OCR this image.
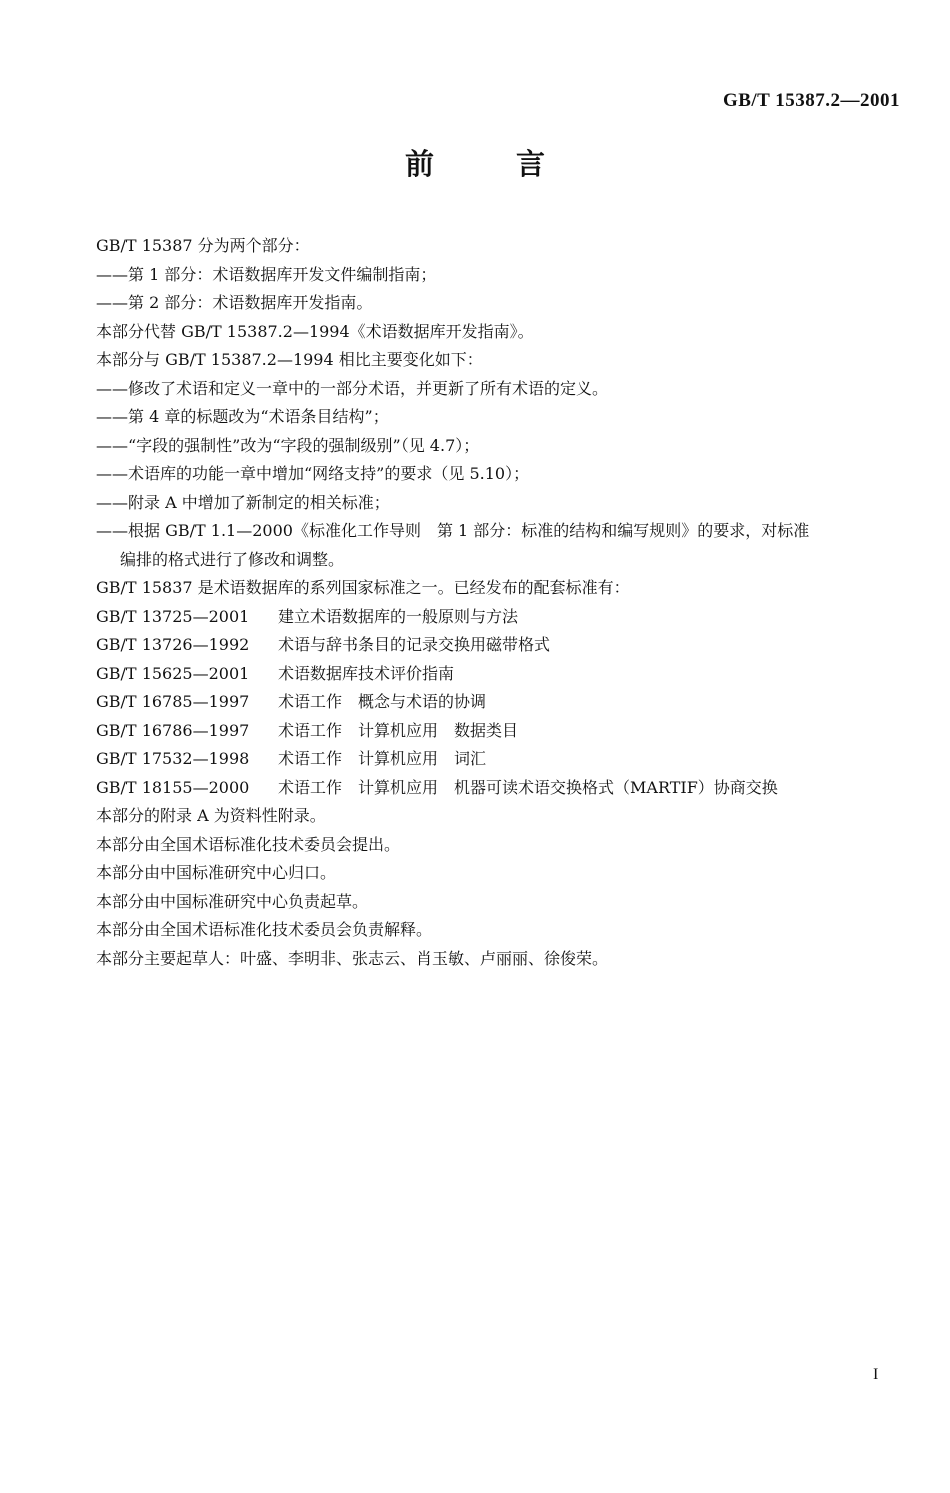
GB/T 15387.2—2001
前	言
GB/T 15387 分为两个部分：
——第 1 部分：术语数据库开发文件编制指南；
——第 2 部分：术语数据库开发指南。
本部分代替 GB/T 15387.2—1994《术语数据库开发指南》。
本部分与 GB/T 15387.2—1994 相比主要变化如下：
——修改了术语和定义一章中的一部分术语，并更新了所有术语的定义。
——第 4 章的标题改为“术语条目结构”；
——“字段的强制性”改为“字段的强制级别”（见 4.7）；
——术语库的功能一章中增加“网络支持”的要求（见 5.10）；
——附录 A 中增加了新制定的相关标准；
——根据 GB/T 1.1—2000《标准化工作导则　第 1 部分：标准的结构和编写规则》的要求，对标准
编排的格式进行了修改和调整。
GB/T 15837 是术语数据库的系列国家标准之一。已经发布的配套标准有：
GB/T 13725—2001	建立术语数据库的一般原则与方法
GB/T 13726—1992	术语与辞书条目的记录交换用磁带格式
GB/T 15625—2001	术语数据库技术评价指南
GB/T 16785—1997	术语工作　概念与术语的协调
GB/T 16786—1997	术语工作　计算机应用　数据类目
GB/T 17532—1998	术语工作　计算机应用　词汇
GB/T 18155—2000	术语工作　计算机应用　机器可读术语交换格式（MARTIF）协商交换
本部分的附录 A 为资料性附录。
本部分由全国术语标准化技术委员会提出。
本部分由中国标准研究中心归口。
本部分由中国标准研究中心负责起草。
本部分由全国术语标准化技术委员会负责解释。
本部分主要起草人：叶盛、李明非、张志云、肖玉敏、卢丽丽、徐俊荣。
I
